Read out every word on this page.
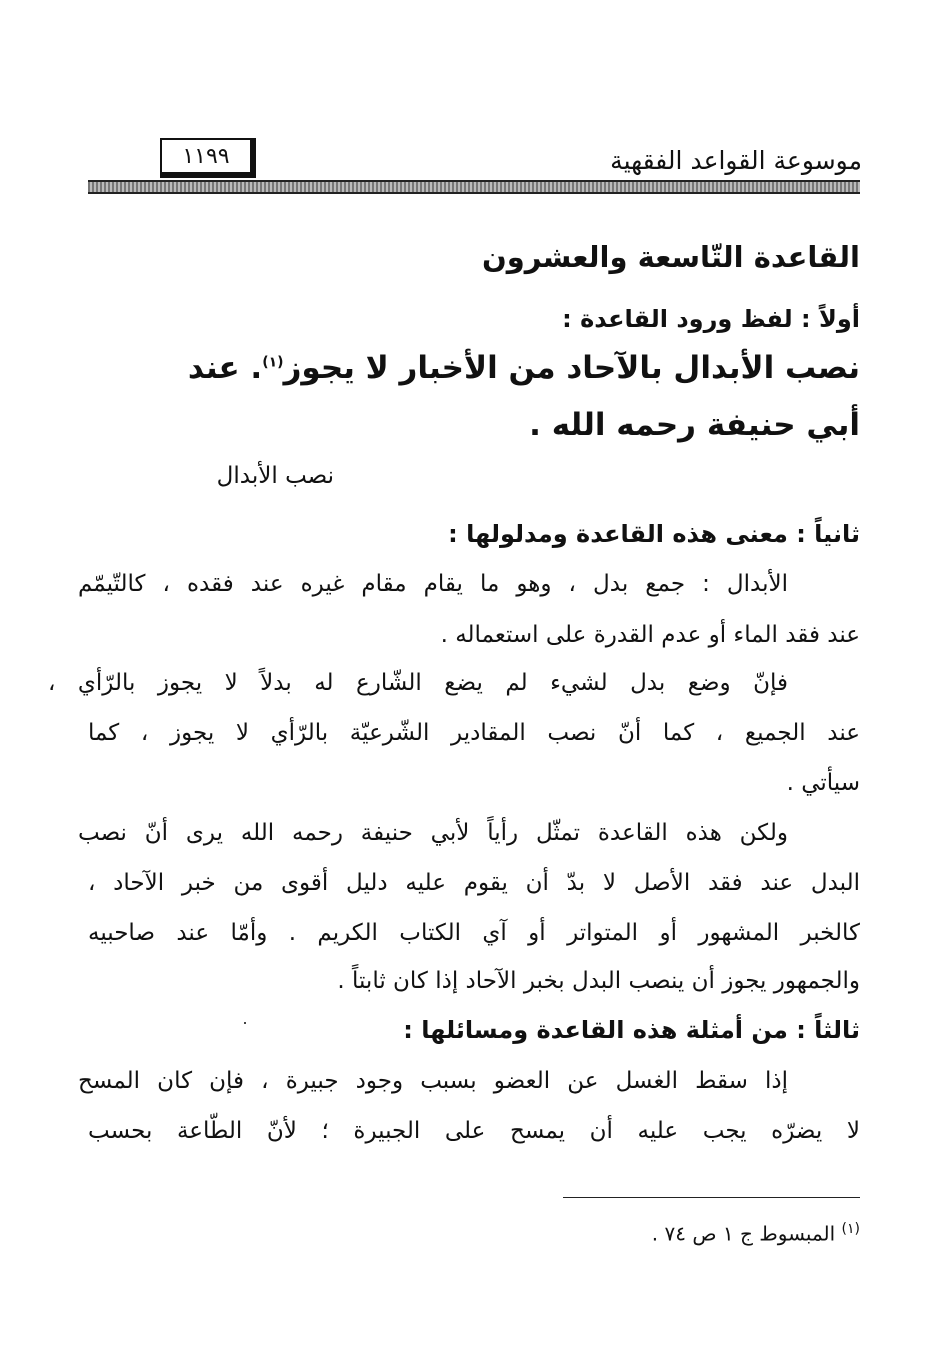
موسوعة القواعد الفقهية
١١٩٩
القاعدة التّاسعة والعشرون
أولاً : لفظ ورود القاعدة :
نصب الأبدال بالآحاد من الأخبار لا يجوز$^{(١)}$. عند
أبي حنيفة رحمه الله .
نصب الأبدال
ثانياً : معنى هذه القاعدة ومدلولها :
الأبدال : جمع بدل ، وهو ما يقام مقام غيره عند فقده ، كالتّيمّم
عند فقد الماء أو عدم القدرة على استعماله .
فإنّ وضع بدل لشيء لم يضع الشّارع له بدلاً لا يجوز بالرّأي ،
عند الجميع ، كما أنّ نصب المقادير الشّرعيّة بالرّأي لا يجوز ، كما
سيأتي .
ولكن هذه القاعدة تمثّل رأياً لأبي حنيفة رحمه الله يرى أنّ نصب
البدل عند فقد الأصل لا بدّ أن يقوم عليه دليل أقوى من خبر الآحاد ،
كالخبر المشهور أو المتواتر أو آي الكتاب الكريم . وأمّا عند صاحبيه
والجمهور يجوز أن ينصب البدل بخبر الآحاد إذا كان ثابتاً .
ثالثاً : من أمثلة هذه القاعدة ومسائلها :
إذا سقط الغسل عن العضو بسبب وجود جبيرة ، فإن كان المسح
لا يضرّه يجب عليه أن يمسح على الجبيرة ؛ لأنّ الطّاعة بحسب
$^{(١)}$ المبسوط ج ١ ص ٧٤ .
